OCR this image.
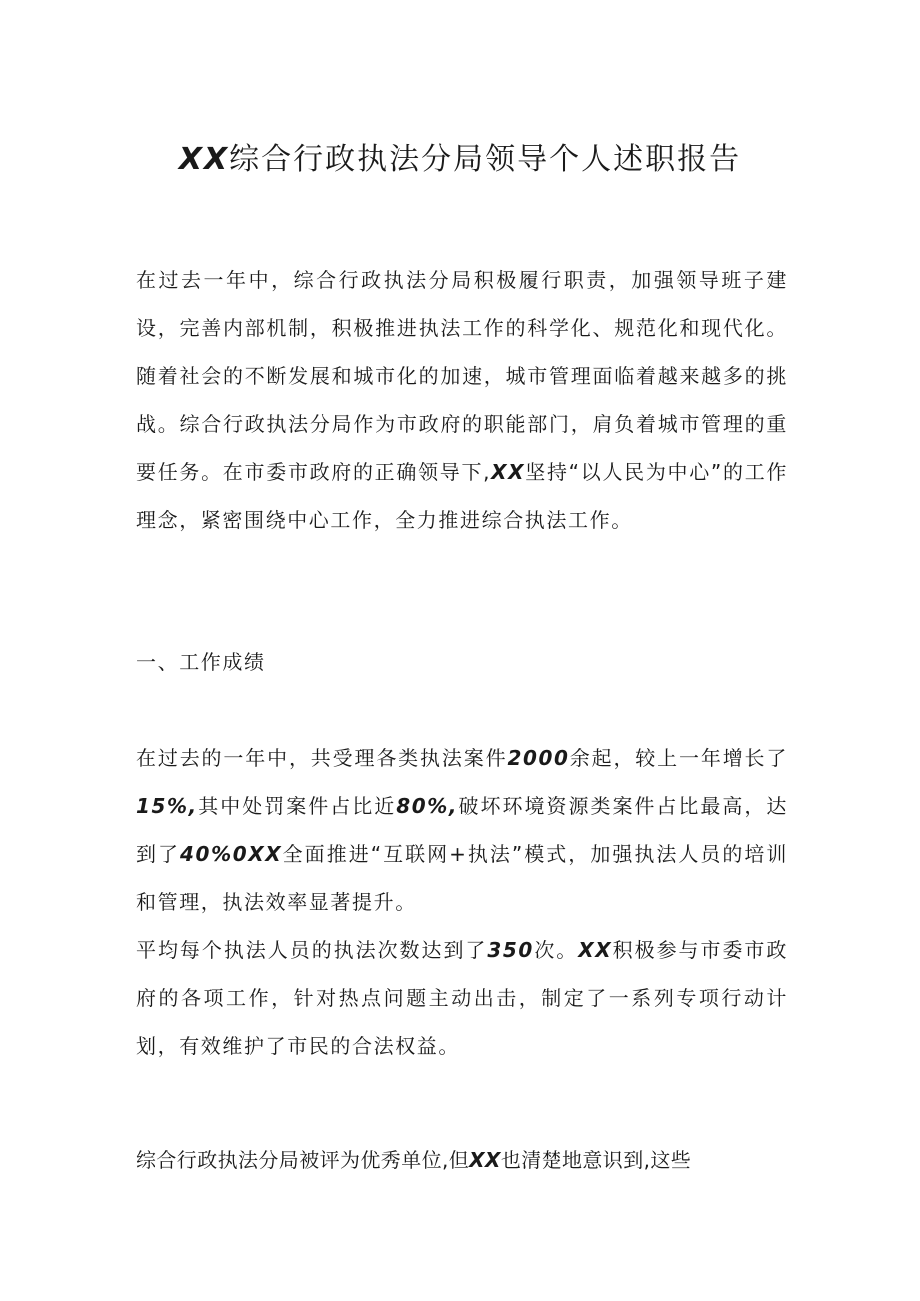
XX综合行政执法分局领导个人述职报告

在过去一年中，综合行政执法分局积极履行职责，加强领导班子建设，完善内部机制，积极推进执法工作的科学化、规范化和现代化。随着社会的不断发展和城市化的加速，城市管理面临着越来越多的挑战。综合行政执法分局作为市政府的职能部门，肩负着城市管理的重要任务。在市委市政府的正确领导下,XX坚持“以人民为中心”的工作理念，紧密围绕中心工作，全力推进综合执法工作。

一、工作成绩

在过去的一年中，共受理各类执法案件2000余起，较上一年增长了15%,其中处罚案件占比近80%,破坏环境资源类案件占比最高，达到了40%0XX全面推进“互联网+执法”模式，加强执法人员的培训和管理，执法效率显著提升。

平均每个执法人员的执法次数达到了350次。XX积极参与市委市政府的各项工作，针对热点问题主动出击，制定了一系列专项行动计划，有效维护了市民的合法权益。

综合行政执法分局被评为优秀单位,但XX也清楚地意识到,这些
